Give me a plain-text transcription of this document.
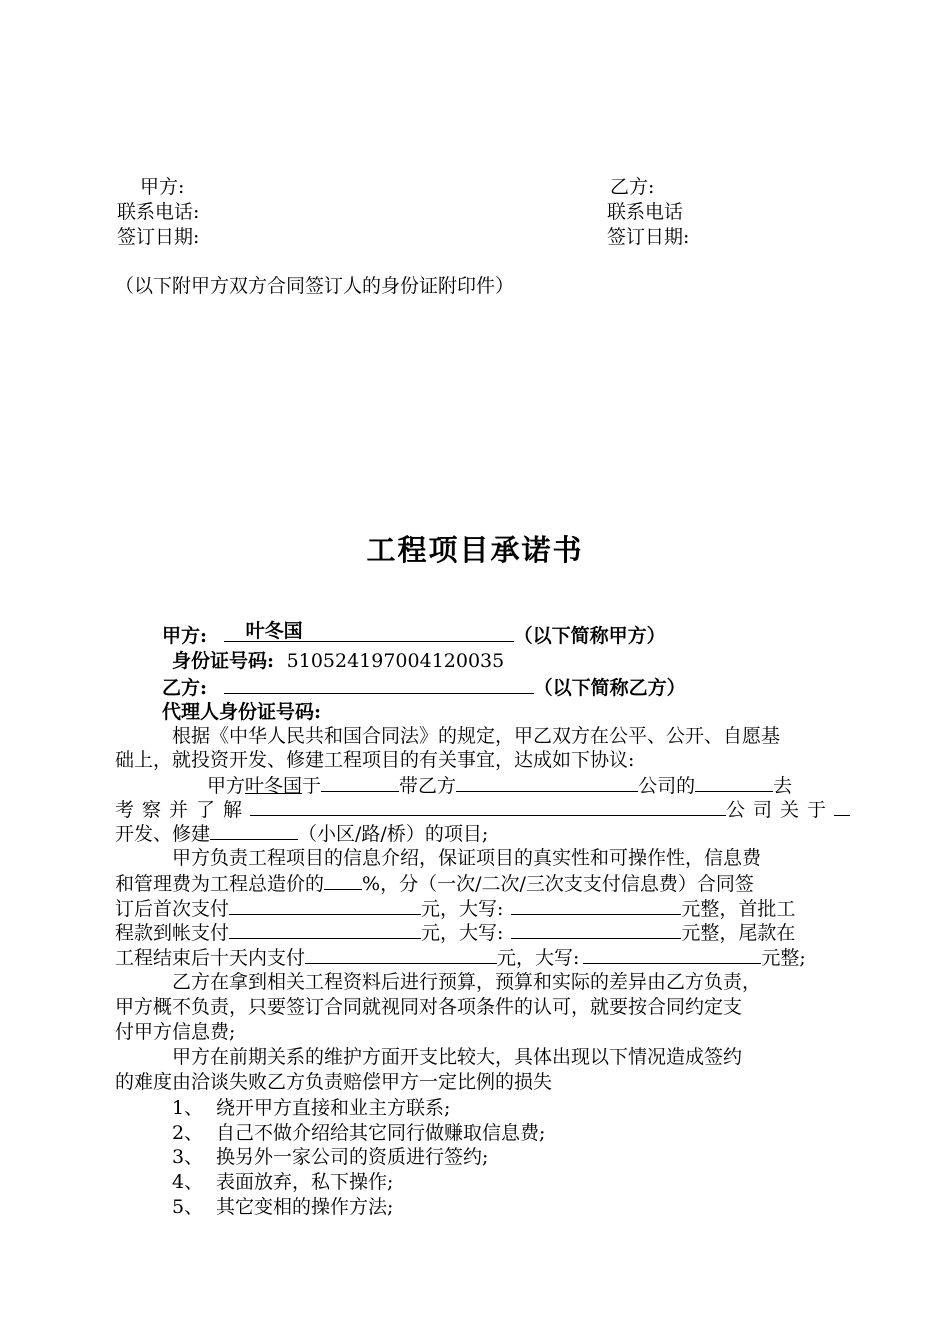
甲方:	乙方:
联系电话:	联系电话
签订日期:	签订日期:
（以下附甲方双方合同签订人的身份证附印件）
工程项目承诺书
甲方: 叶冬国	（以下简称甲方）
身份证号码: 510524197004120035
乙方:	（以下简称乙方）
代理人身份证号码:
根据《中华人民共和国合同法》的规定，甲乙双方在公平、公开、自愿基
础上，就投资开发、修建工程项目的有关事宜，达成如下协议:
甲方叶冬国于	带乙方	公司的	去
考察并了解	公司关于
开发、修建	（小区/路/桥）的项目;
甲方负责工程项目的信息介绍，保证项目的真实性和可操作性，信息费
和管理费为工程总造价的 %，分（一次/二次/三次支支付信息费）合同签
订后首次支付	元，大写:	元整，首批工
程款到帐支付	元，大写:	元整，尾款在
工程结束后十天内支付	元，大写:	元整;
乙方在拿到相关工程资料后进行预算，预算和实际的差异由乙方负责，
甲方概不负责，只要签订合同就视同对各项条件的认可，就要按合同约定支
付甲方信息费;
甲方在前期关系的维护方面开支比较大，具体出现以下情况造成签约
的难度由洽谈失败乙方负责赔偿甲方一定比例的损失
1、 绕开甲方直接和业主方联系;
2、 自己不做介绍给其它同行做赚取信息费;
3、 换另外一家公司的资质进行签约;
4、 表面放弃，私下操作;
5、 其它变相的操作方法;
